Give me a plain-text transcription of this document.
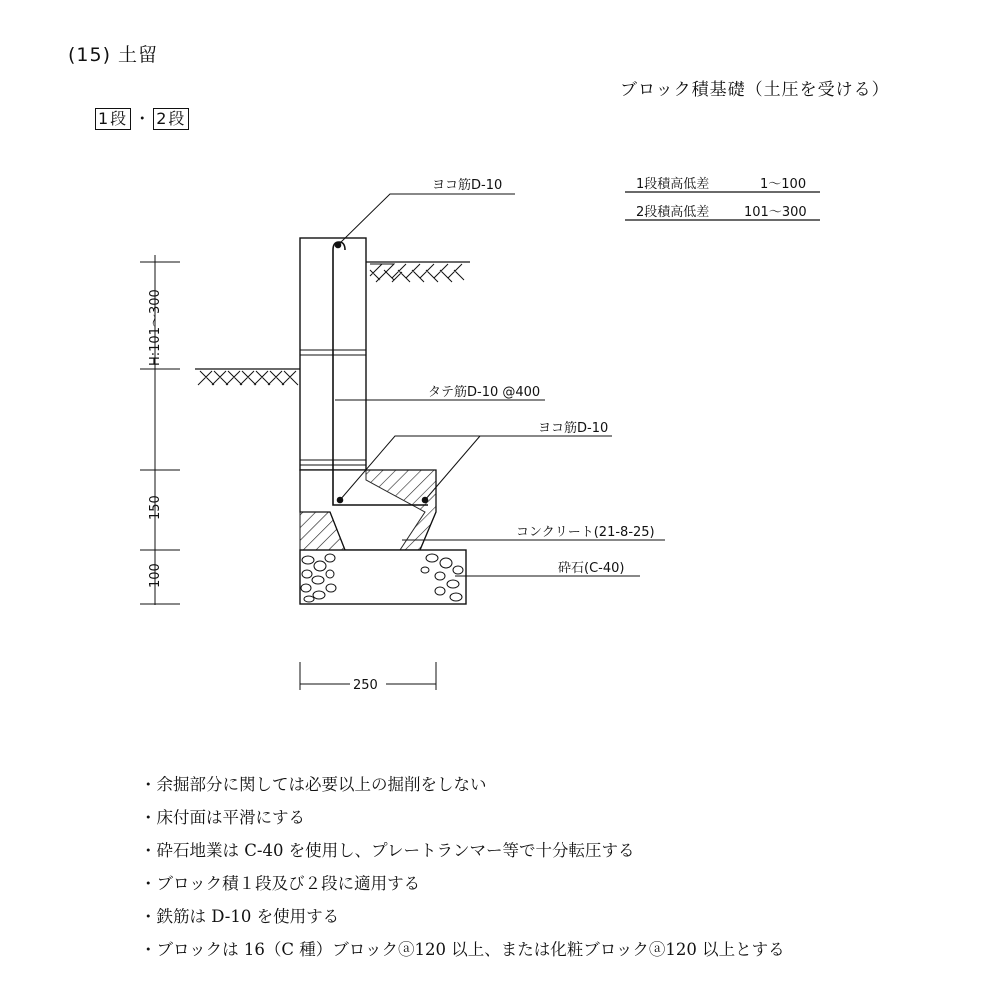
(15) 土留
ブロック積基礎（土圧を受ける）
1段 ・ 2段
ヨコ筋D-10
タテ筋D-10 @400
ヨコ筋D-10
コンクリート(21-8-25)
砕石(C-40)
1段積高低差	1～100
2段積高低差	101～300
H:101～300
150
100
250
・ 余掘部分に関しては必要以上の掘削をしない
・ 床付面は平滑にする
・ 砕石地業は C-40 を使用し、プレートランマー等で十分転圧する
・ ブロック積１段及び２段に適用する
・ 鉄筋は D-10 を使用する
・ ブロックは 16（C 種）ブロックⓐ120 以上、または化粧ブロックⓐ120 以上とする
